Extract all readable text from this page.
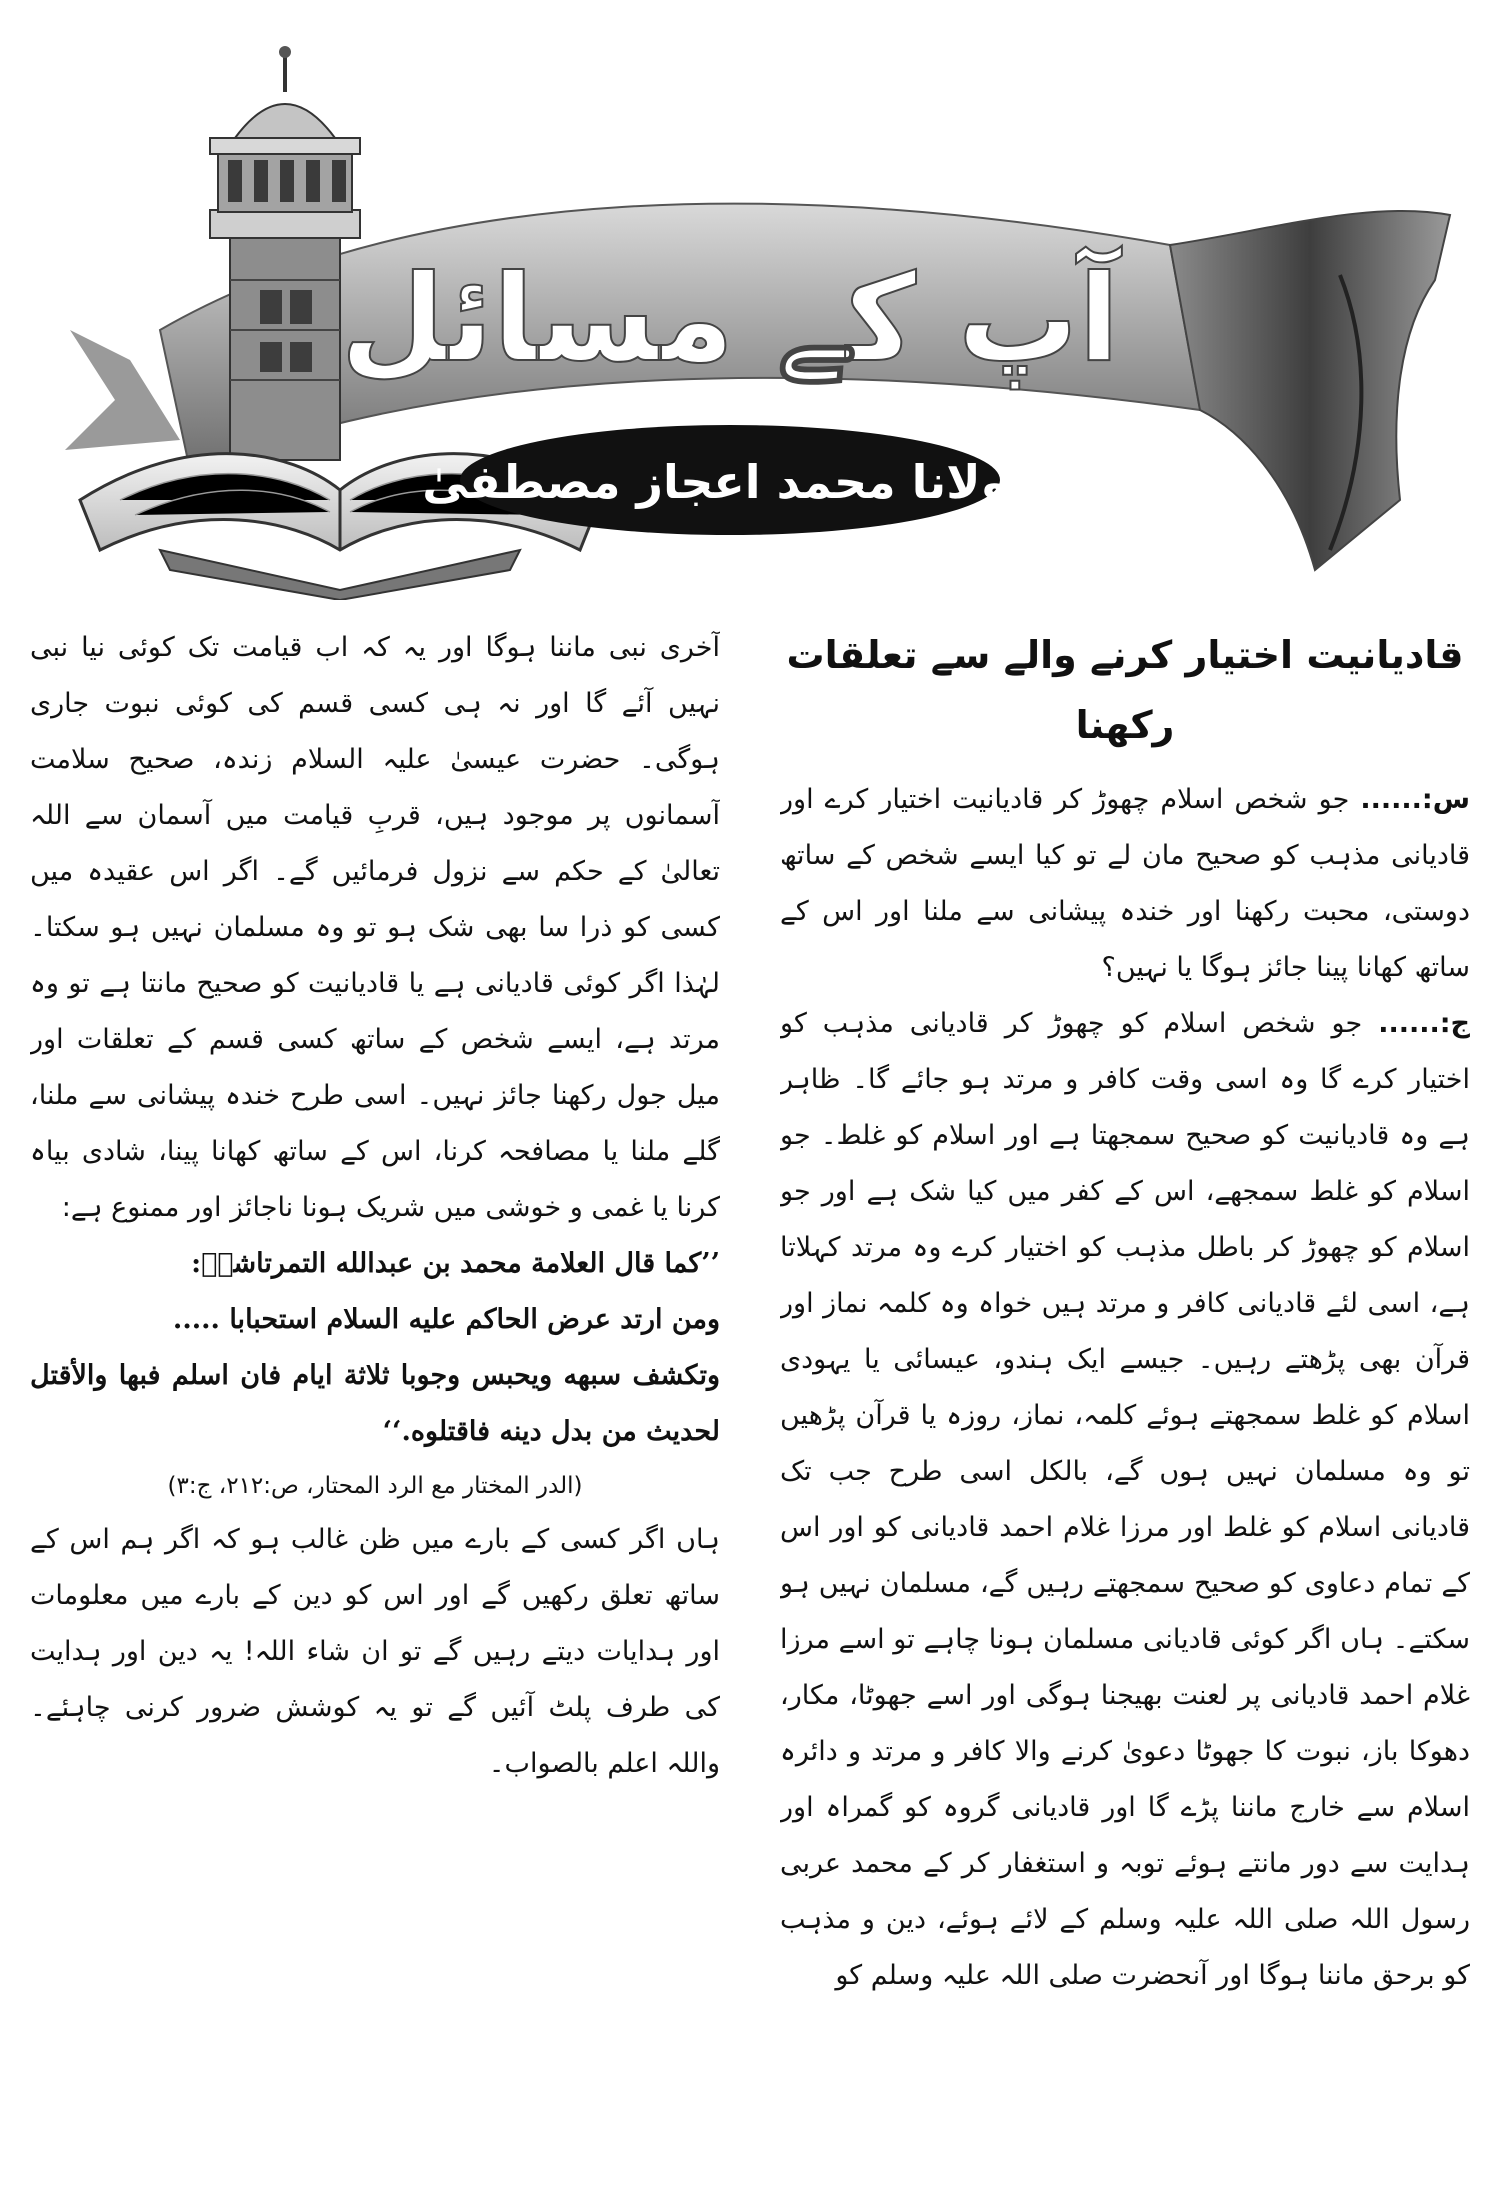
آپ کے مسائل
مولانا محمد اعجاز مصطفیٰ
قادیانیت اختیار کرنے والے سے تعلقات رکھنا

س:...... جو شخص اسلام چھوڑ کر قادیانیت اختیار کرے اور قادیانی مذہب کو صحیح مان لے تو کیا ایسے شخص کے ساتھ دوستی، محبت رکھنا اور خندہ پیشانی سے ملنا اور اس کے ساتھ کھانا پینا جائز ہوگا یا نہیں؟

ج:...... جو شخص اسلام کو چھوڑ کر قادیانی مذہب کو اختیار کرے گا وہ اسی وقت کافر و مرتد ہو جائے گا۔ ظاہر ہے وہ قادیانیت کو صحیح سمجھتا ہے اور اسلام کو غلط۔ جو اسلام کو غلط سمجھے، اس کے کفر میں کیا شک ہے اور جو اسلام کو چھوڑ کر باطل مذہب کو اختیار کرے وہ مرتد کہلاتا ہے، اسی لئے قادیانی کافر و مرتد ہیں خواہ وہ کلمہ نماز اور قرآن بھی پڑھتے رہیں۔ جیسے ایک ہندو، عیسائی یا یہودی اسلام کو غلط سمجھتے ہوئے کلمہ، نماز، روزہ یا قرآن پڑھیں تو وہ مسلمان نہیں ہوں گے، بالکل اسی طرح جب تک قادیانی اسلام کو غلط اور مرزا غلام احمد قادیانی کو اور اس کے تمام دعاوی کو صحیح سمجھتے رہیں گے، مسلمان نہیں ہو سکتے۔ ہاں اگر کوئی قادیانی مسلمان ہونا چاہے تو اسے مرزا غلام احمد قادیانی پر لعنت بھیجنا ہوگی اور اسے جھوٹا، مکار، دھوکا باز، نبوت کا جھوٹا دعویٰ کرنے والا کافر و مرتد و دائرہ اسلام سے خارج ماننا پڑے گا اور قادیانی گروہ کو گمراہ اور ہدایت سے دور مانتے ہوئے توبہ و استغفار کر کے محمد عربی رسول اللہ صلی اللہ علیہ وسلم کے لائے ہوئے، دین و مذہب کو برحق ماننا ہوگا اور آنحضرت صلی اللہ علیہ وسلم کو

آخری نبی ماننا ہوگا اور یہ کہ اب قیامت تک کوئی نیا نبی نہیں آئے گا اور نہ ہی کسی قسم کی کوئی نبوت جاری ہوگی۔ حضرت عیسیٰ علیہ السلام زندہ، صحیح سلامت آسمانوں پر موجود ہیں، قربِ قیامت میں آسمان سے اللہ تعالیٰ کے حکم سے نزول فرمائیں گے۔ اگر اس عقیدہ میں کسی کو ذرا سا بھی شک ہو تو وہ مسلمان نہیں ہو سکتا۔ لہٰذا اگر کوئی قادیانی ہے یا قادیانیت کو صحیح مانتا ہے تو وہ مرتد ہے، ایسے شخص کے ساتھ کسی قسم کے تعلقات اور میل جول رکھنا جائز نہیں۔ اسی طرح خندہ پیشانی سے ملنا، گلے ملنا یا مصافحہ کرنا، اس کے ساتھ کھانا پینا، شادی بیاہ کرنا یا غمی و خوشی میں شریک ہونا ناجائز اور ممنوع ہے:

’’كما قال العلامة محمد بن عبدالله التمرتاشيؒ:

ومن ارتد عرض الحاكم عليه السلام استحبابا .....

وتكشف سبهه ويحبس وجوبا ثلاثة ايام فان اسلم فبها والأقتل لحديث من بدل دينه فاقتلوه.‘‘

(الدر المختار مع الرد المحتار، ص:۲۱۲، ج:۳)

ہاں اگر کسی کے بارے میں ظن غالب ہو کہ اگر ہم اس کے ساتھ تعلق رکھیں گے اور اس کو دین کے بارے میں معلومات اور ہدایات دیتے رہیں گے تو ان شاء اللہ! یہ دین اور ہدایت کی طرف پلٹ آئیں گے تو یہ کوشش ضرور کرنی چاہئے۔ واللہ اعلم بالصواب۔
